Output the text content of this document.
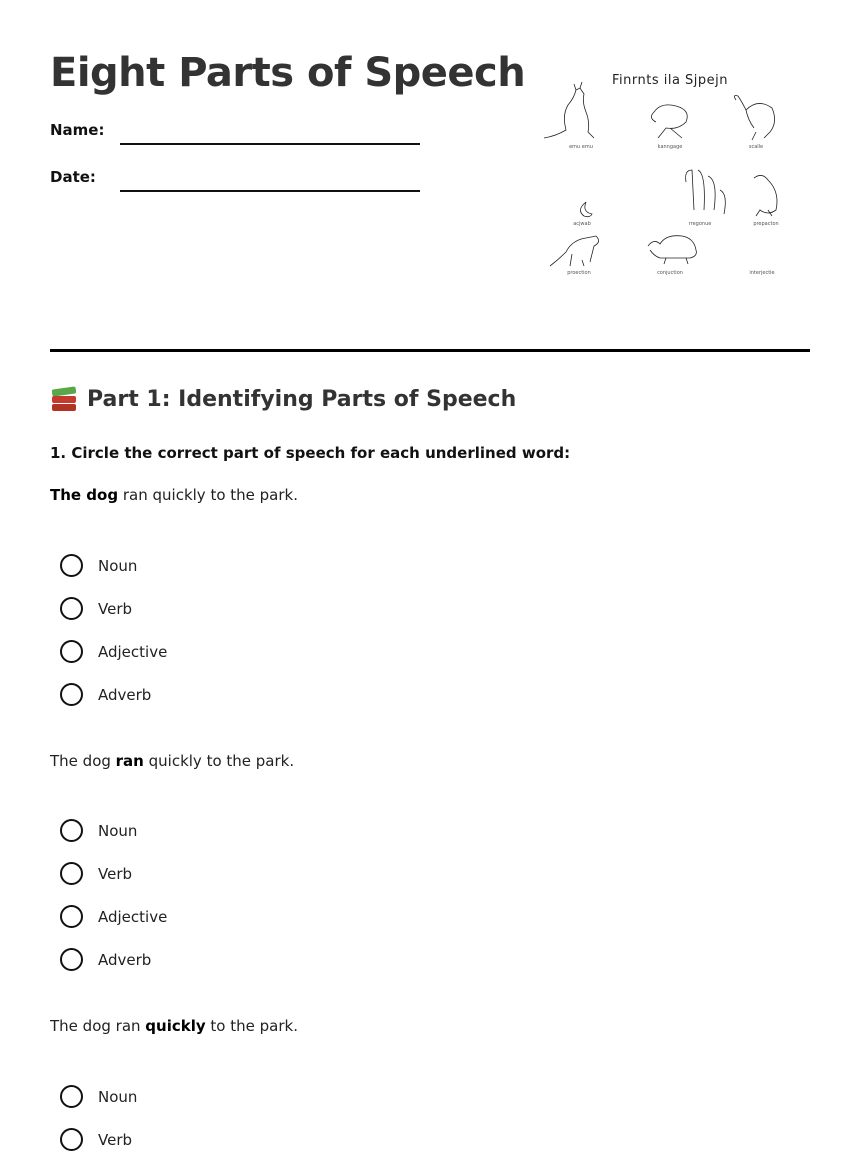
Eight Parts of Speech
Name:
Date:
Finrnts ila Sjpejn
emu emu	kanngage	scalle
acjwab	rregonue	prepacton
proection	conjuction	interjectie
Part 1: Identifying Parts of Speech

1. Circle the correct part of speech for each underlined word:

The dog ran quickly to the park.

Noun
Verb
Adjective
Adverb

The dog ran quickly to the park.

Noun
Verb
Adjective
Adverb

The dog ran quickly to the park.

Noun
Verb
